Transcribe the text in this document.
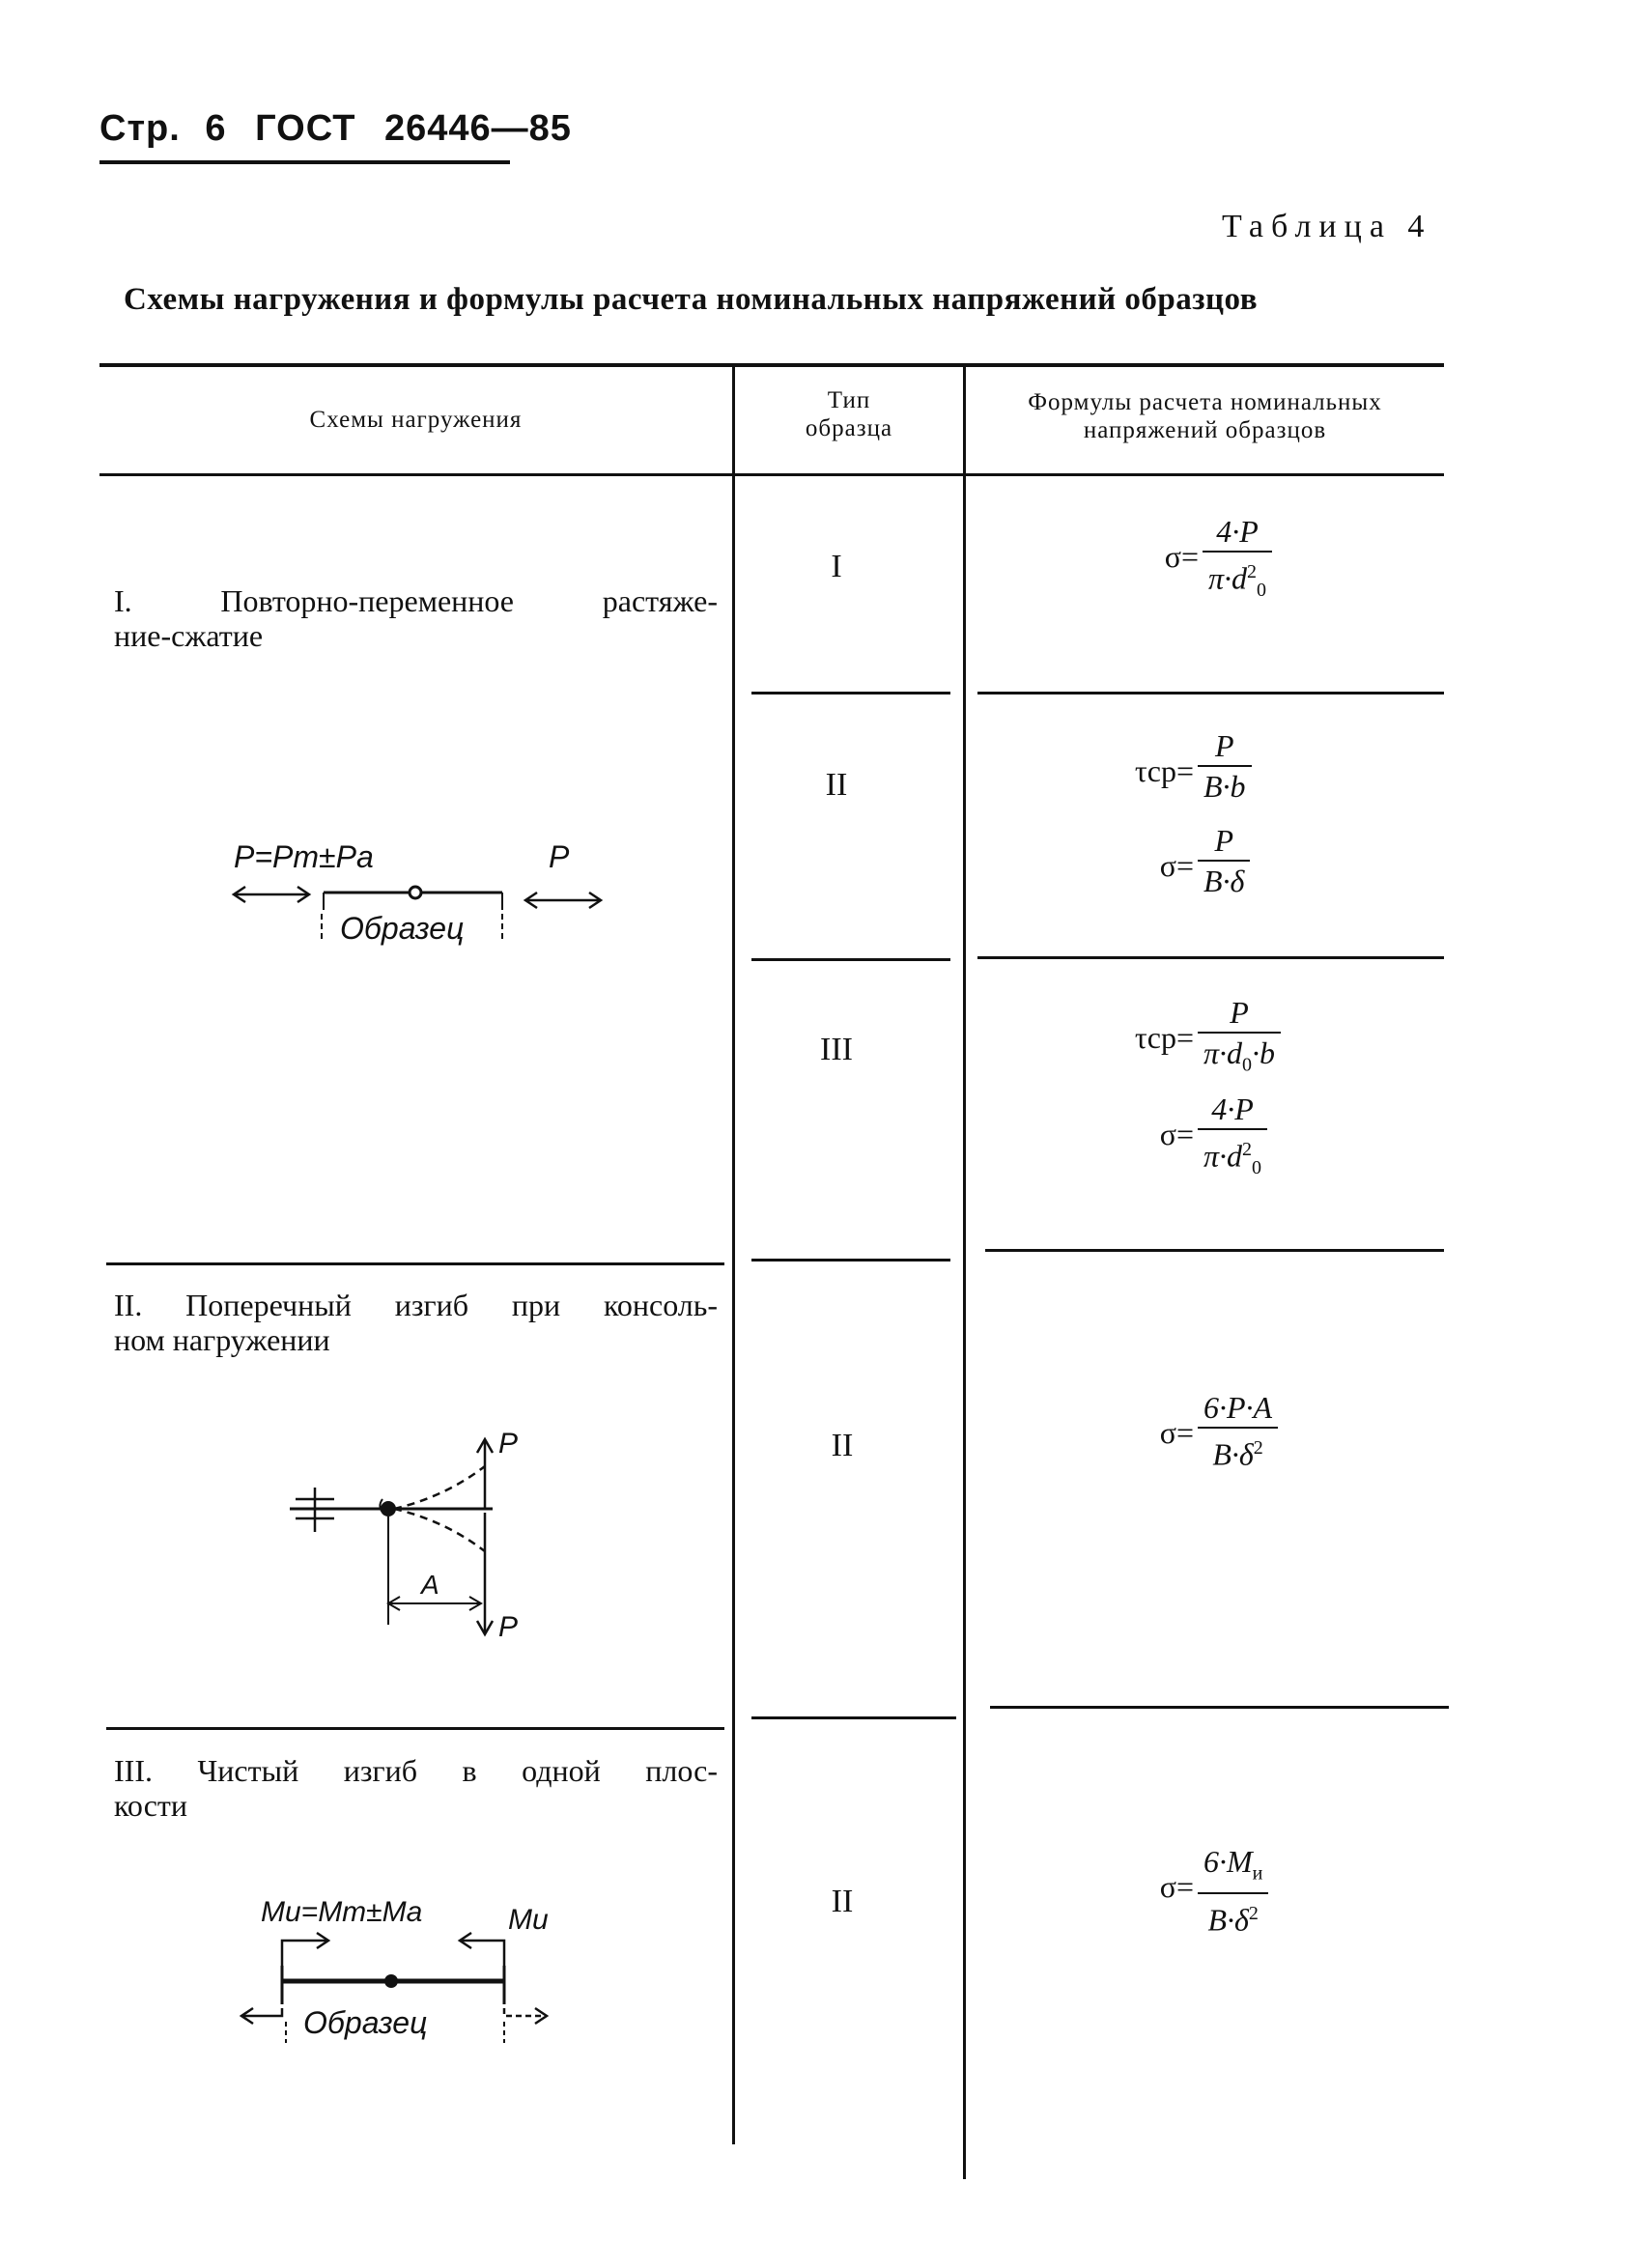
Стр. 6 ГОСТ 26446—85
Таблица 4
Схемы нагружения и формулы расчета номинальных напряжений образцов
Схемы нагружения
Тип
образца
Формулы расчета номинальных
напряжений образцов
I. Повторно-переменное растяже-
ние-сжатие
II. Поперечный изгиб при консоль-
ном нагружении
III. Чистый изгиб в одной плос-
кости
P=Pm±Pa	P
Образец
P
P
A
Mи=Mm±Ma	Mи
Образец
I
II
III
II
II
$\sigma= \frac{4\cdot P}{\pi\cdot d^2_0}$
$\tau ср= \frac{P}{B\cdot b}$
$\sigma= \frac{P}{B\cdot\delta}$
$\tau ср= \frac{P}{\pi\cdot d_0\cdot b}$
$\sigma= \frac{4\cdot P}{\pi\cdot d^2_0}$
$\sigma= \frac{6\cdot P\cdot A}{B\cdot\delta^2}$
$\sigma= \frac{6\cdot M_и}{B\cdot\delta^2}$
